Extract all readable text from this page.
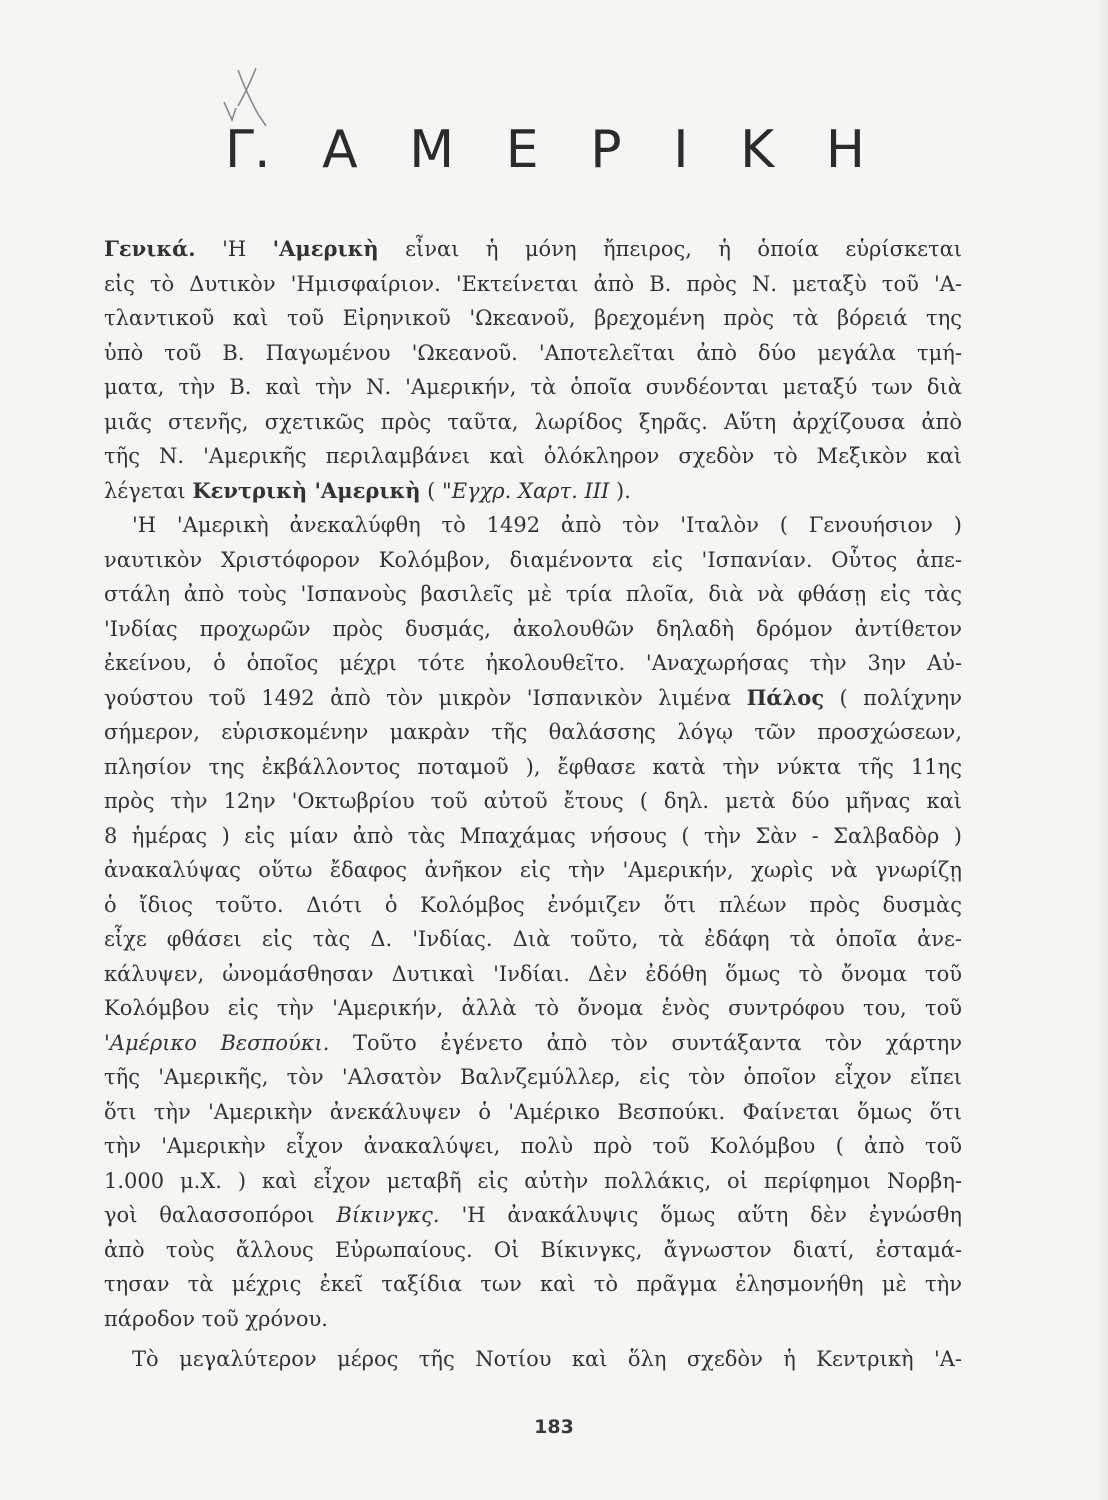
Γ. Α Μ Ε Ρ Ι Κ Η
Γενικά. 'Η 'Αμερικὴ εἶναι ἡ μόνη ἤπειρος, ἡ ὁποία εὑρίσκεται
εἰς τὸ Δυτικὸν 'Ημισφαίριον. 'Εκτείνεται ἀπὸ Β. πρὸς Ν. μεταξὺ τοῦ 'Α-
τλαντικοῦ καὶ τοῦ Εἰρηνικοῦ 'Ωκεανοῦ, βρεχομένη πρὸς τὰ βόρειά της
ὑπὸ τοῦ Β. Παγωμένου 'Ωκεανοῦ. 'Αποτελεῖται ἀπὸ δύο μεγάλα τμή-
ματα, τὴν Β. καὶ τὴν Ν. 'Αμερικήν, τὰ ὁποῖα συνδέονται μεταξύ των διὰ
μιᾶς στενῆς, σχετικῶς πρὸς ταῦτα, λωρίδος ξηρᾶς. Αὕτη ἀρχίζουσα ἀπὸ
τῆς Ν. 'Αμερικῆς περιλαμβάνει καὶ ὁλόκληρον σχεδὸν τὸ Μεξικὸν καὶ
λέγεται Κεντρικὴ 'Αμερικὴ ( "Εγχρ. Χαρτ. III ).
'Η 'Αμερικὴ ἀνεκαλύφθη τὸ 1492 ἀπὸ τὸν 'Ιταλὸν ( Γενουήσιον )
ναυτικὸν Χριστόφορον Κολόμβον, διαμένοντα εἰς 'Ισπανίαν. Οὗτος ἀπε-
στάλη ἀπὸ τοὺς 'Ισπανοὺς βασιλεῖς μὲ τρία πλοῖα, διὰ νὰ φθάσῃ εἰς τὰς
'Ινδίας προχωρῶν πρὸς δυσμάς, ἀκολουθῶν δηλαδὴ δρόμον ἀντίθετον
ἐκείνου, ὁ ὁποῖος μέχρι τότε ἠκολουθεῖτο. 'Αναχωρήσας τὴν 3ην Αὐ-
γούστου τοῦ 1492 ἀπὸ τὸν μικρὸν 'Ισπανικὸν λιμένα Πάλος ( πολίχνην
σήμερον, εὑρισκομένην μακρὰν τῆς θαλάσσης λόγῳ τῶν προσχώσεων,
πλησίον της ἐκβάλλοντος ποταμοῦ ), ἔφθασε κατὰ τὴν νύκτα τῆς 11ης
πρὸς τὴν 12ην 'Οκτωβρίου τοῦ αὐτοῦ ἔτους ( δηλ. μετὰ δύο μῆνας καὶ
8 ἡμέρας ) εἰς μίαν ἀπὸ τὰς Μπαχάμας νήσους ( τὴν Σὰν - Σαλβαδὸρ )
ἀνακαλύψας οὕτω ἔδαφος ἀνῆκον εἰς τὴν 'Αμερικήν, χωρὶς νὰ γνωρίζῃ
ὁ ἴδιος τοῦτο. Διότι ὁ Κολόμβος ἐνόμιζεν ὅτι πλέων πρὸς δυσμὰς
εἶχε φθάσει εἰς τὰς Δ. 'Ινδίας. Διὰ τοῦτο, τὰ ἐδάφη τὰ ὁποῖα ἀνε-
κάλυψεν, ὠνομάσθησαν Δυτικαὶ 'Ινδίαι. Δὲν ἐδόθη ὅμως τὸ ὄνομα τοῦ
Κολόμβου εἰς τὴν 'Αμερικήν, ἀλλὰ τὸ ὄνομα ἑνὸς συντρόφου του, τοῦ
'Αμέρικο Βεσπούκι. Τοῦτο ἐγένετο ἀπὸ τὸν συντάξαντα τὸν χάρτην
τῆς 'Αμερικῆς, τὸν 'Αλσατὸν Βαλνζεμύλλερ, εἰς τὸν ὁποῖον εἶχον εἴπει
ὅτι τὴν 'Αμερικὴν ἀνεκάλυψεν ὁ 'Αμέρικο Βεσπούκι. Φαίνεται ὅμως ὅτι
τὴν 'Αμερικὴν εἶχον ἀνακαλύψει, πολὺ πρὸ τοῦ Κολόμβου ( ἀπὸ τοῦ
1.000 μ.Χ. ) καὶ εἶχον μεταβῆ εἰς αὐτὴν πολλάκις, οἱ περίφημοι Νορβη-
γοὶ θαλασσοπόροι Βίκινγκς. 'Η ἀνακάλυψις ὅμως αὕτη δὲν ἐγνώσθη
ἀπὸ τοὺς ἄλλους Εὐρωπαίους. Οἱ Βίκινγκς, ἄγνωστον διατί, ἐσταμά-
τησαν τὰ μέχρις ἐκεῖ ταξίδια των καὶ τὸ πρᾶγμα ἐλησμονήθη μὲ τὴν
πάροδον τοῦ χρόνου.
Τὸ μεγαλύτερον μέρος τῆς Νοτίου καὶ ὅλη σχεδὸν ἡ Κεντρικὴ 'Α-
183
